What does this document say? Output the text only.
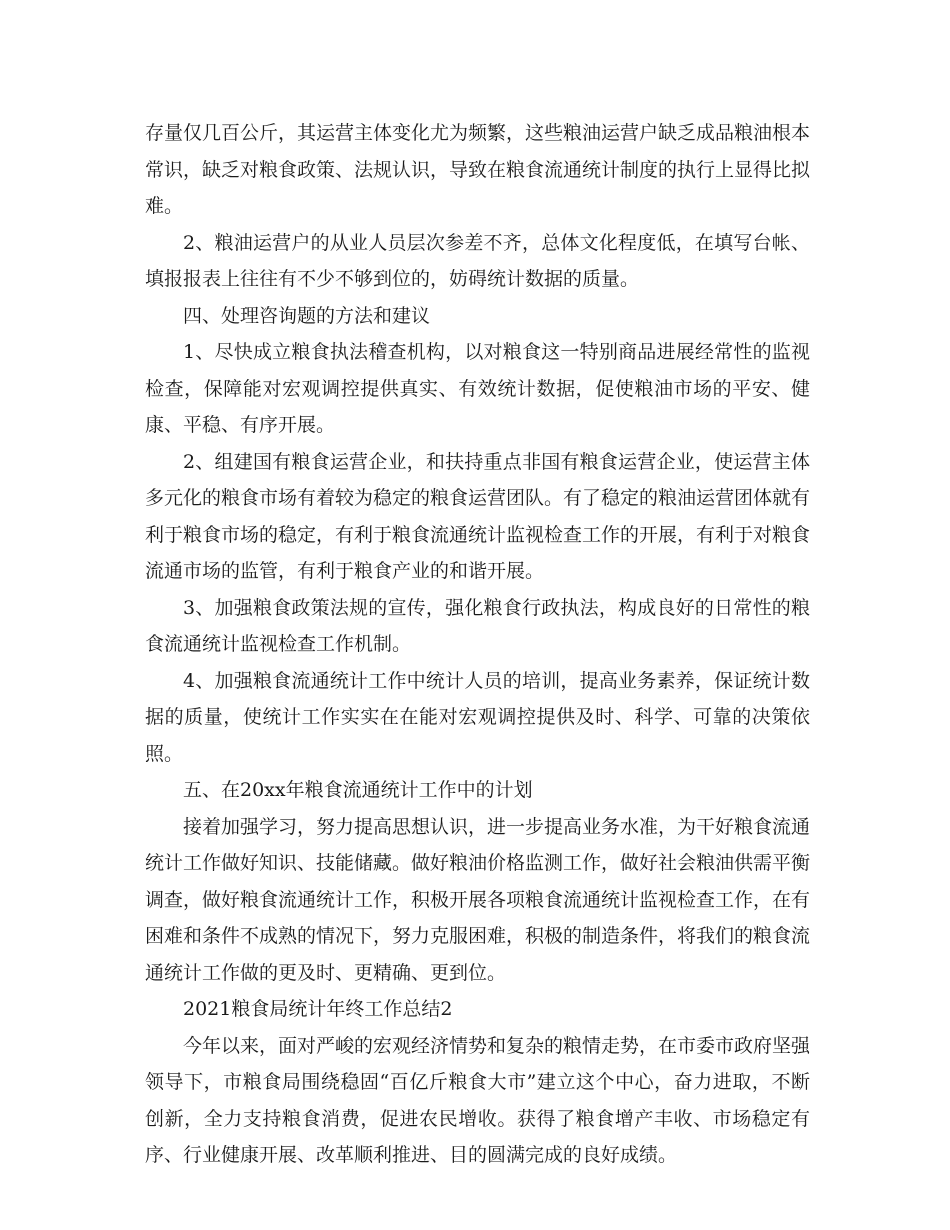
存量仅几百公斤，其运营主体变化尤为频繁，这些粮油运营户缺乏成品粮油根本常识，缺乏对粮食政策、法规认识，导致在粮食流通统计制度的执行上显得比拟难。

2、粮油运营户的从业人员层次参差不齐，总体文化程度低，在填写台帐、填报报表上往往有不少不够到位的，妨碍统计数据的质量。

四、处理咨询题的方法和建议

1、尽快成立粮食执法稽查机构，以对粮食这一特别商品进展经常性的监视检查，保障能对宏观调控提供真实、有效统计数据，促使粮油市场的平安、健康、平稳、有序开展。

2、组建国有粮食运营企业，和扶持重点非国有粮食运营企业，使运营主体多元化的粮食市场有着较为稳定的粮食运营团队。有了稳定的粮油运营团体就有利于粮食市场的稳定，有利于粮食流通统计监视检查工作的开展，有利于对粮食流通市场的监管，有利于粮食产业的和谐开展。

3、加强粮食政策法规的宣传，强化粮食行政执法，构成良好的日常性的粮食流通统计监视检查工作机制。

4、加强粮食流通统计工作中统计人员的培训，提高业务素养，保证统计数据的质量，使统计工作实实在在能对宏观调控提供及时、科学、可靠的决策依照。

五、在20xx年粮食流通统计工作中的计划

接着加强学习，努力提高思想认识，进一步提高业务水准，为干好粮食流通统计工作做好知识、技能储藏。做好粮油价格监测工作，做好社会粮油供需平衡调查，做好粮食流通统计工作，积极开展各项粮食流通统计监视检查工作，在有困难和条件不成熟的情况下，努力克服困难，积极的制造条件，将我们的粮食流通统计工作做的更及时、更精确、更到位。

2021粮食局统计年终工作总结2

今年以来，面对严峻的宏观经济情势和复杂的粮情走势，在市委市政府坚强领导下，市粮食局围绕稳固“百亿斤粮食大市”建立这个中心，奋力进取，不断创新，全力支持粮食消费，促进农民增收。获得了粮食增产丰收、市场稳定有序、行业健康开展、改革顺利推进、目的圆满完成的良好成绩。
